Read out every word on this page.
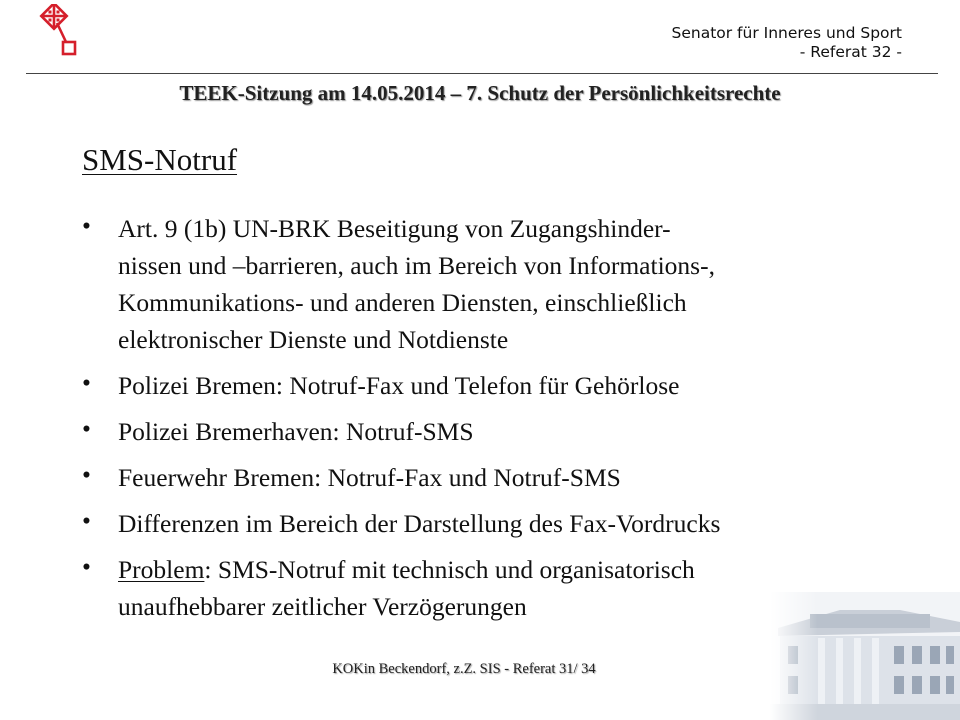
Senator für Inneres und Sport
- Referat 32 -
TEEK-Sitzung am 14.05.2014 – 7. Schutz der Persönlichkeitsrechte
SMS-Notruf
• Art. 9 (1b) UN-BRK Beseitigung von Zugangshinder-
nissen und –barrieren, auch im Bereich von Informations-,
Kommunikations- und anderen Diensten, einschließlich
elektronischer Dienste und Notdienste
• Polizei Bremen: Notruf-Fax und Telefon für Gehörlose
• Polizei Bremerhaven: Notruf-SMS
• Feuerwehr Bremen: Notruf-Fax und Notruf-SMS
• Differenzen im Bereich der Darstellung des Fax-Vordrucks
• Problem: SMS-Notruf mit technisch und organisatorisch
unaufhebbarer zeitlicher Verzögerungen
KOKin Beckendorf, z.Z. SIS - Referat 31/ 34
